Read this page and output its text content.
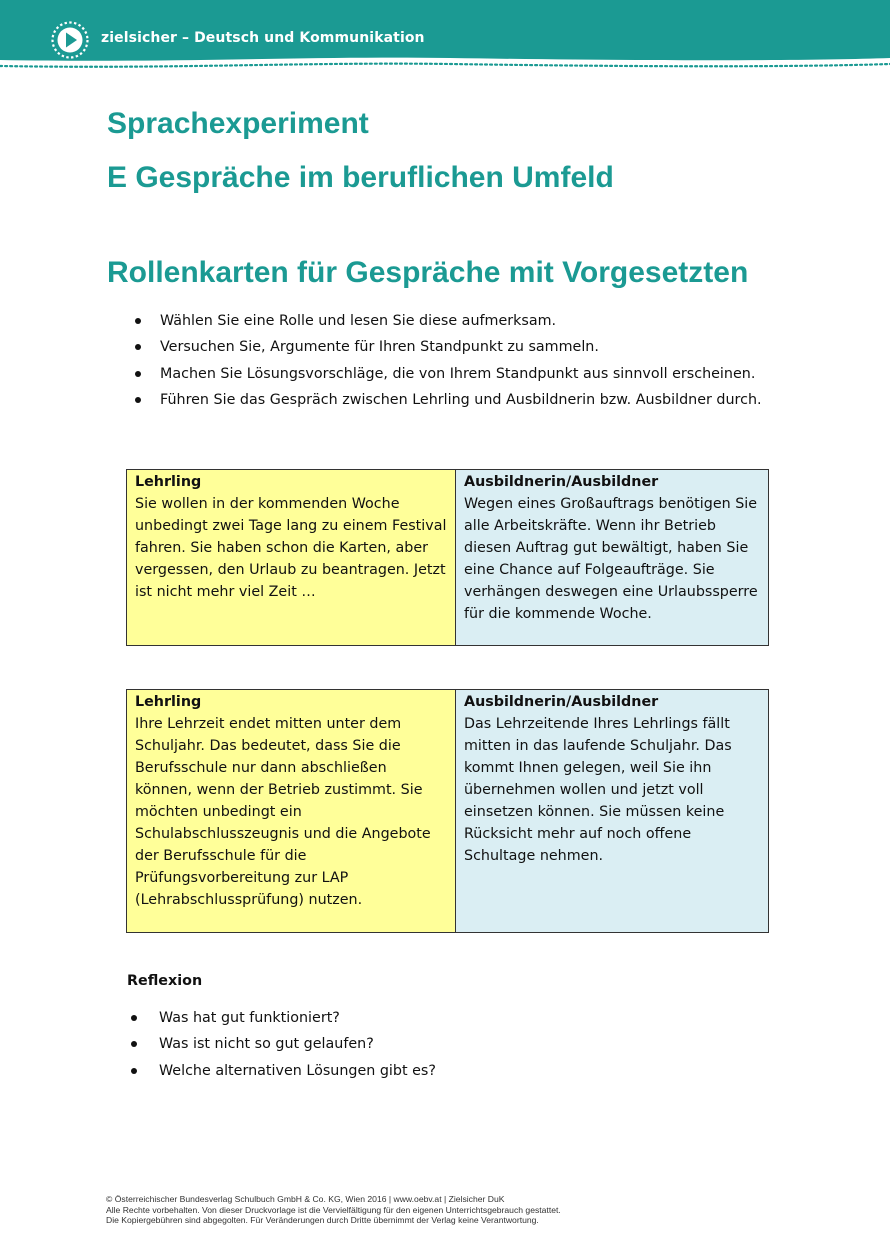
zielsicher – Deutsch und Kommunikation
Sprachexperiment
E Gespräche im beruflichen Umfeld
Rollenkarten für Gespräche mit Vorgesetzten
Wählen Sie eine Rolle und lesen Sie diese aufmerksam.
Versuchen Sie, Argumente für Ihren Standpunkt zu sammeln.
Machen Sie Lösungsvorschläge, die von Ihrem Standpunkt aus sinnvoll erscheinen.
Führen Sie das Gespräch zwischen Lehrling und Ausbildnerin bzw. Ausbildner durch.
Lehrling
Sie wollen in der kommenden Woche unbedingt zwei Tage lang zu einem Festival fahren. Sie haben schon die Karten, aber vergessen, den Urlaub zu beantragen. Jetzt ist nicht mehr viel Zeit …
Ausbildnerin/Ausbildner
Wegen eines Großauftrags benötigen Sie alle Arbeitskräfte. Wenn ihr Betrieb diesen Auftrag gut bewältigt, haben Sie eine Chance auf Folgeaufträge. Sie verhängen deswegen eine Urlaubssperre für die kommende Woche.
Lehrling
Ihre Lehrzeit endet mitten unter dem Schuljahr. Das bedeutet, dass Sie die Berufsschule nur dann abschließen können, wenn der Betrieb zustimmt. Sie möchten unbedingt ein Schulabschlusszeugnis und die Angebote der Berufsschule für die Prüfungsvorbereitung zur LAP (Lehrabschlussprüfung) nutzen.
Ausbildnerin/Ausbildner
Das Lehrzeitende Ihres Lehrlings fällt mitten in das laufende Schuljahr. Das kommt Ihnen gelegen, weil Sie ihn übernehmen wollen und jetzt voll einsetzen können. Sie müssen keine Rücksicht mehr auf noch offene Schultage nehmen.
Reflexion
Was hat gut funktioniert?
Was ist nicht so gut gelaufen?
Welche alternativen Lösungen gibt es?
© Österreichischer Bundesverlag Schulbuch GmbH & Co. KG, Wien 2016 | www.oebv.at | Zielsicher DuK
Alle Rechte vorbehalten. Von dieser Druckvorlage ist die Vervielfältigung für den eigenen Unterrichtsgebrauch gestattet.
Die Kopiergebühren sind abgegolten. Für Veränderungen durch Dritte übernimmt der Verlag keine Verantwortung.
